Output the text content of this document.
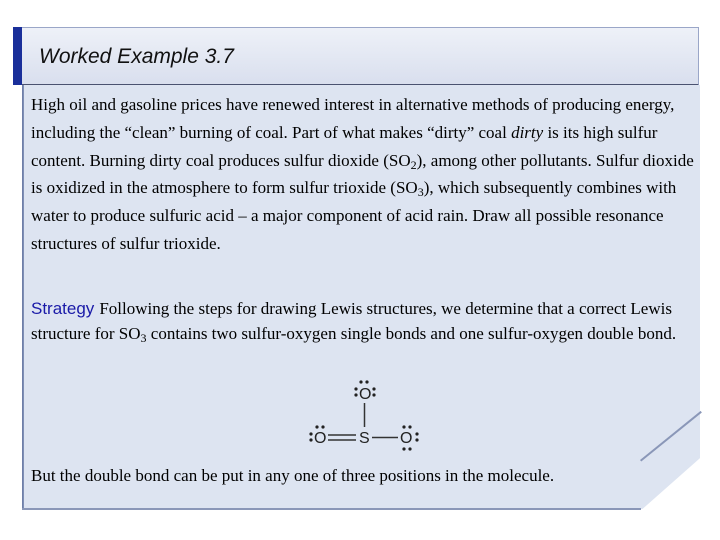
Worked Example 3.7
High oil and gasoline prices have renewed interest in alternative methods of producing energy, including the “clean” burning of coal. Part of what makes “dirty” coal dirty is its high sulfur content. Burning dirty coal produces sulfur dioxide $(SO_2)$, among other pollutants. Sulfur dioxide is oxidized in the atmosphere to form sulfur trioxide $(SO_3)$, which subsequently combines with water to produce sulfuric acid – a major component of acid rain. Draw all possible resonance structures of sulfur trioxide.
Strategy Following the steps for drawing Lewis structures, we determine that a correct Lewis structure for $SO_3$ contains two sulfur-oxygen single bonds and one sulfur-oxygen double bond.
O
O S O
But the double bond can be put in any one of three positions in the molecule.
